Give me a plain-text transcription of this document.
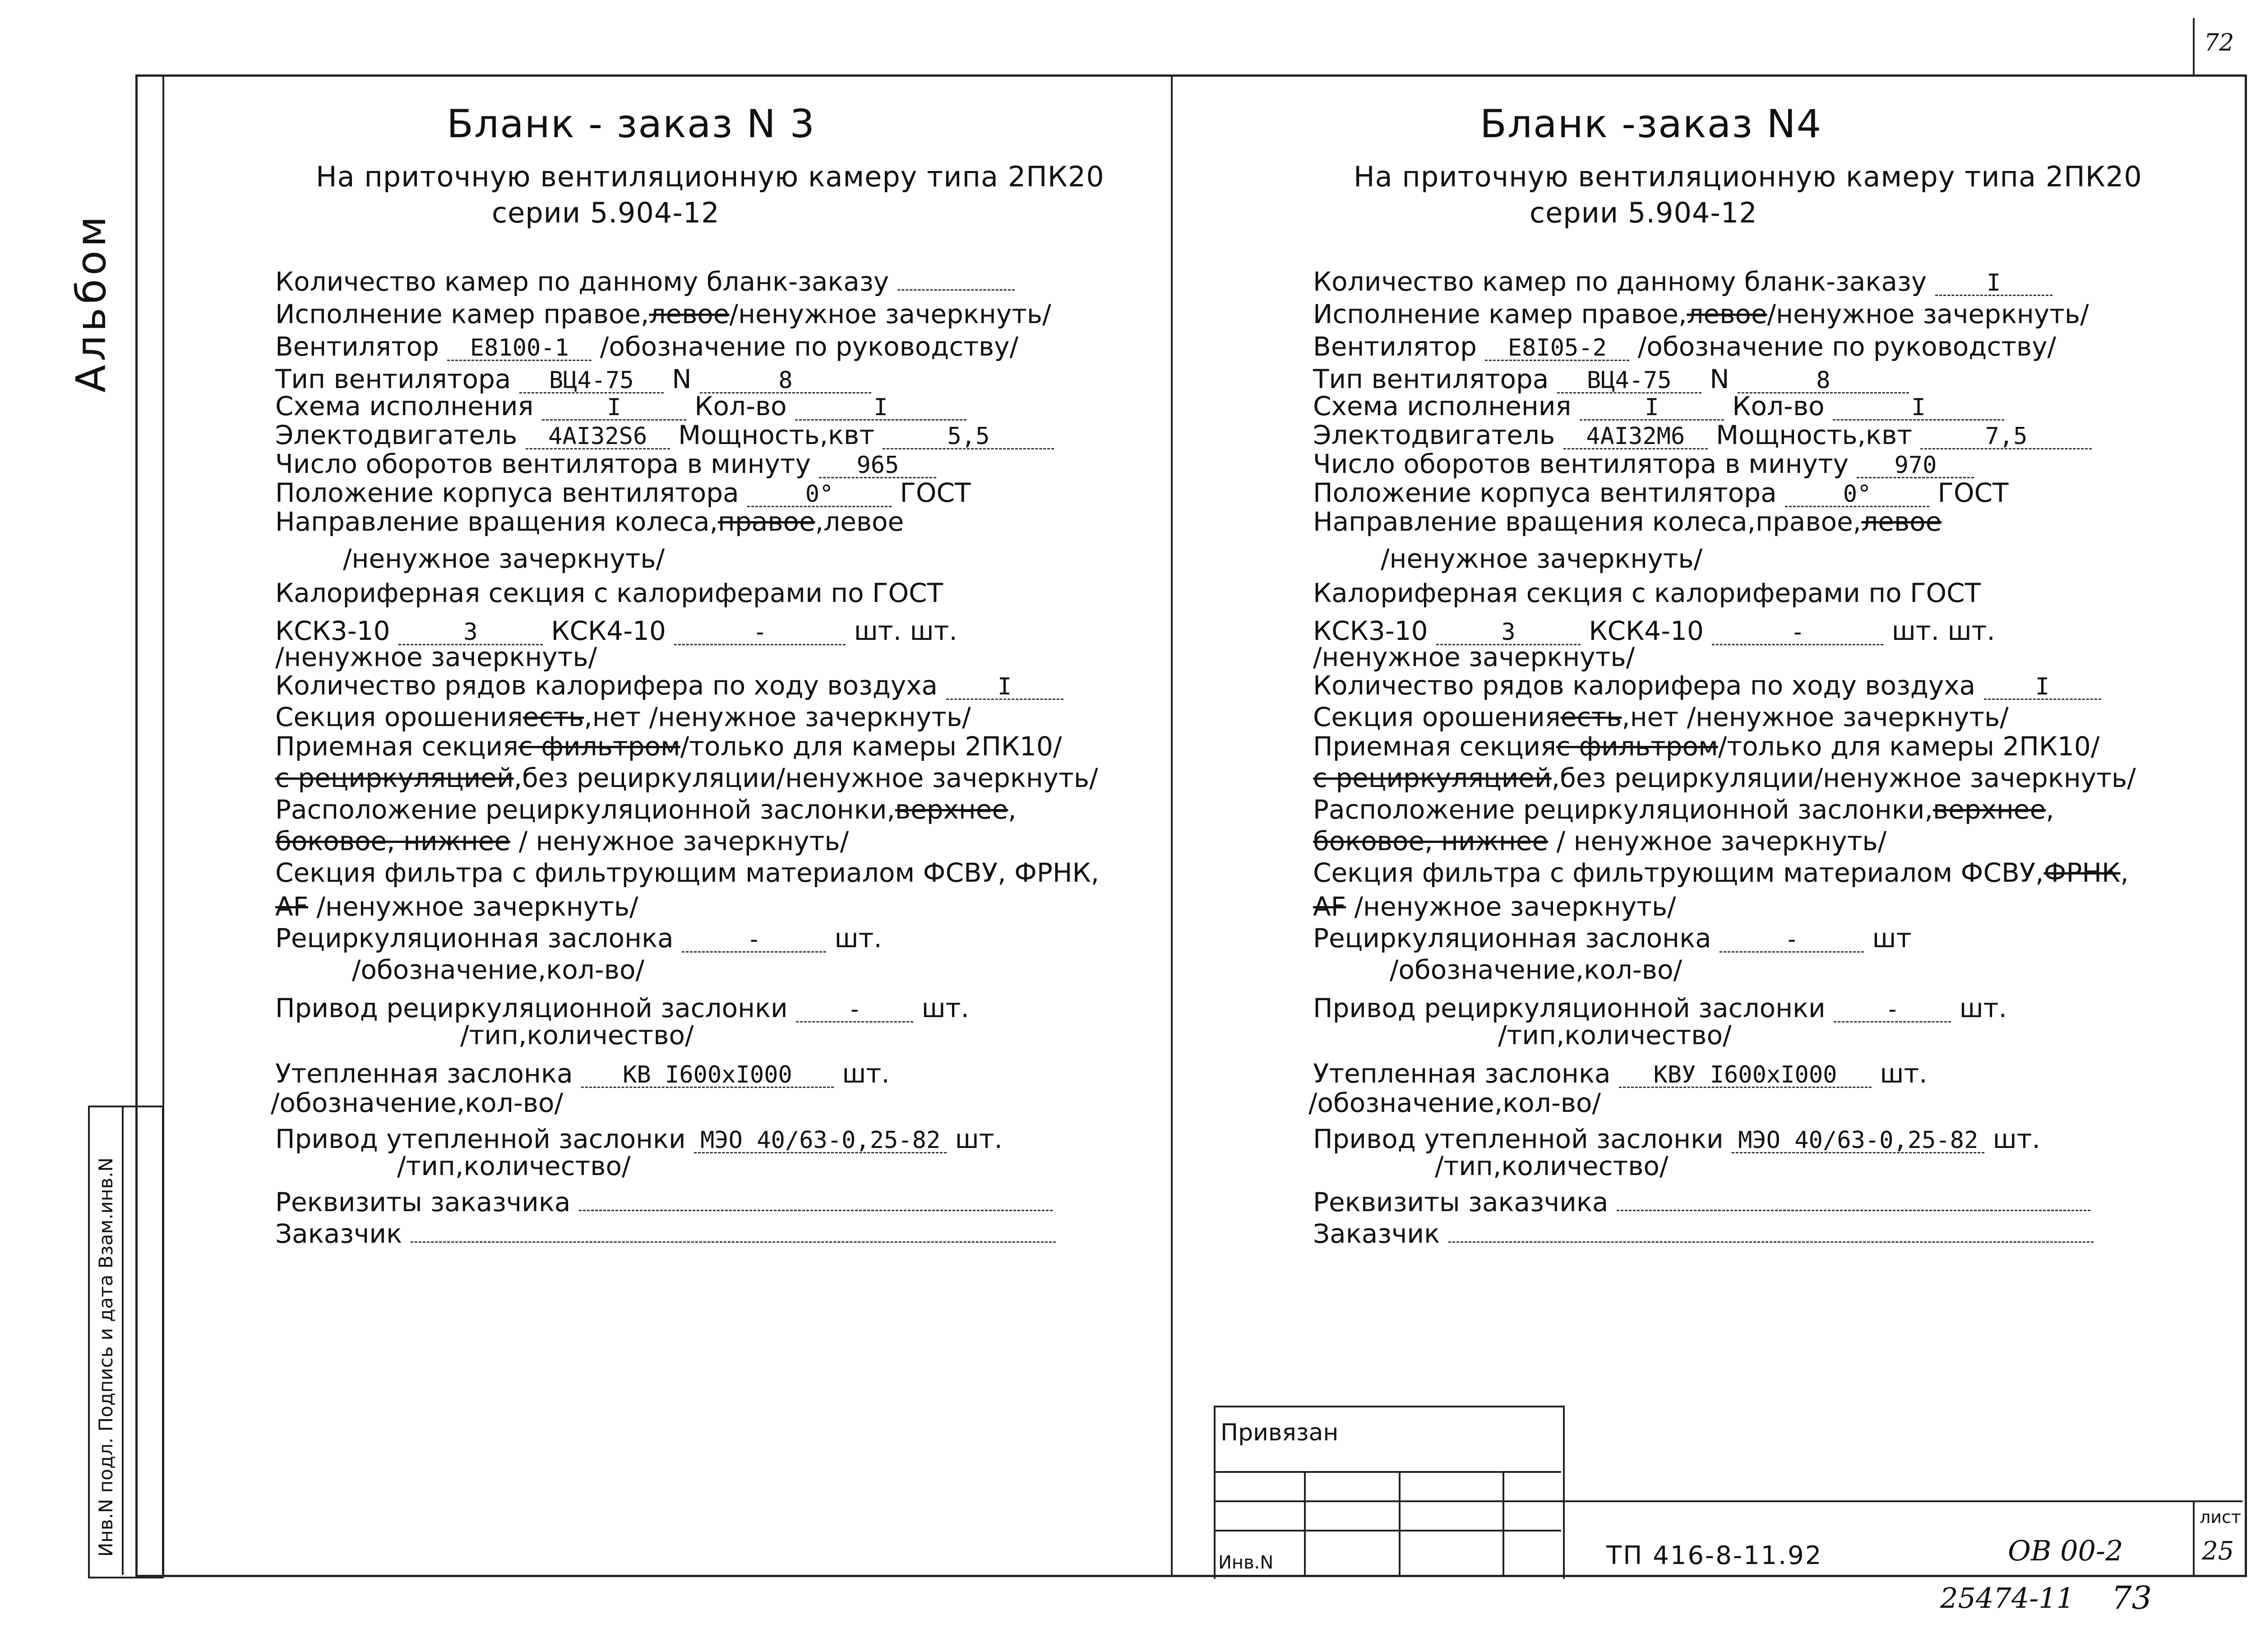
72
Альбом
Инв.N подл. Подпись и дата Взам.инв.N
Бланк - заказ N 3
На приточную вентиляционную камеру типа 2ПК20
серии 5.904-12
Количество камер по данному бланк-заказу
Исполнение камер правое,левое/ненужное зачеркнуть/
Вентилятор Е8100-1 /обозначение по руководству/
Тип вентилятора ВЦ4-75 N	8
Схема исполнения	I Кол-во	I
Электодвигатель 4АI32S6 Мощность,квт	5,5
Число оборотов вентилятора в минуту 965
Положение корпуса вентилятора 0° ГОСТ
Направление вращения колеса,правое,левое
/ненужное зачеркнуть/
Калориферная секция с калориферами по ГОСТ
КСК3-10	3 КСК4-10	-	шт. шт.
/ненужное зачеркнуть/
Количество рядов калорифера по ходу воздуха I
Секция орошенияесть,нет /ненужное зачеркнуть/
Приемная секцияс фильтром/только для камеры 2ПК10/
с рециркуляцией,без рециркуляции/ненужное зачеркнуть/
Расположение рециркуляционной заслонки,верхнее,
боковое, нижнее / ненужное зачеркнуть/
Секция фильтра с фильтрующим материалом ФСВУ, ФРНК,
АF /ненужное зачеркнуть/
Рециркуляционная заслонка	- шт.
/обозначение,кол-во/
Привод рециркуляционной заслонки - шт.
/тип,количество/
Утепленная заслонка КВ I600хI000 шт.
/обозначение,кол-во/
Привод утепленной заслонки МЭО 40/63-0,25-82 шт.
/тип,количество/
Реквизиты заказчика
Заказчик
Бланк -заказ N4
На приточную вентиляционную камеру типа 2ПК20
серии 5.904-12
Количество камер по данному бланк-заказу I
Исполнение камер правое,левое/ненужное зачеркнуть/
Вентилятор Е8I05-2 /обозначение по руководству/
Тип вентилятора ВЦ4-75 N	8
Схема исполнения	I Кол-во	I
Электодвигатель 4АI32М6 Мощность,квт	7,5
Число оборотов вентилятора в минуту 970
Положение корпуса вентилятора 0° ГОСТ
Направление вращения колеса,правое,левое
/ненужное зачеркнуть/
Калориферная секция с калориферами по ГОСТ
КСК3-10	3 КСК4-10	-	шт. шт.
/ненужное зачеркнуть/
Количество рядов калорифера по ходу воздуха I
Секция орошенияесть,нет /ненужное зачеркнуть/
Приемная секцияс фильтром/только для камеры 2ПК10/
с рециркуляцией,без рециркуляции/ненужное зачеркнуть/
Расположение рециркуляционной заслонки,верхнее,
боковое, нижнее / ненужное зачеркнуть/
Секция фильтра с фильтрующим материалом ФСВУ,ФРНК,
АF /ненужное зачеркнуть/
Рециркуляционная заслонка	- шт
/обозначение,кол-во/
Привод рециркуляционной заслонки - шт.
/тип,количество/
Утепленная заслонка КВУ I600хI000 шт.
/обозначение,кол-во/
Привод утепленной заслонки МЭО 40/63-0,25-82 шт.
/тип,количество/
Реквизиты заказчика
Заказчик
Привязан
Инв.N	ТП 416-8-11.92	ОВ 00-2
лист
25
25474-11 73
